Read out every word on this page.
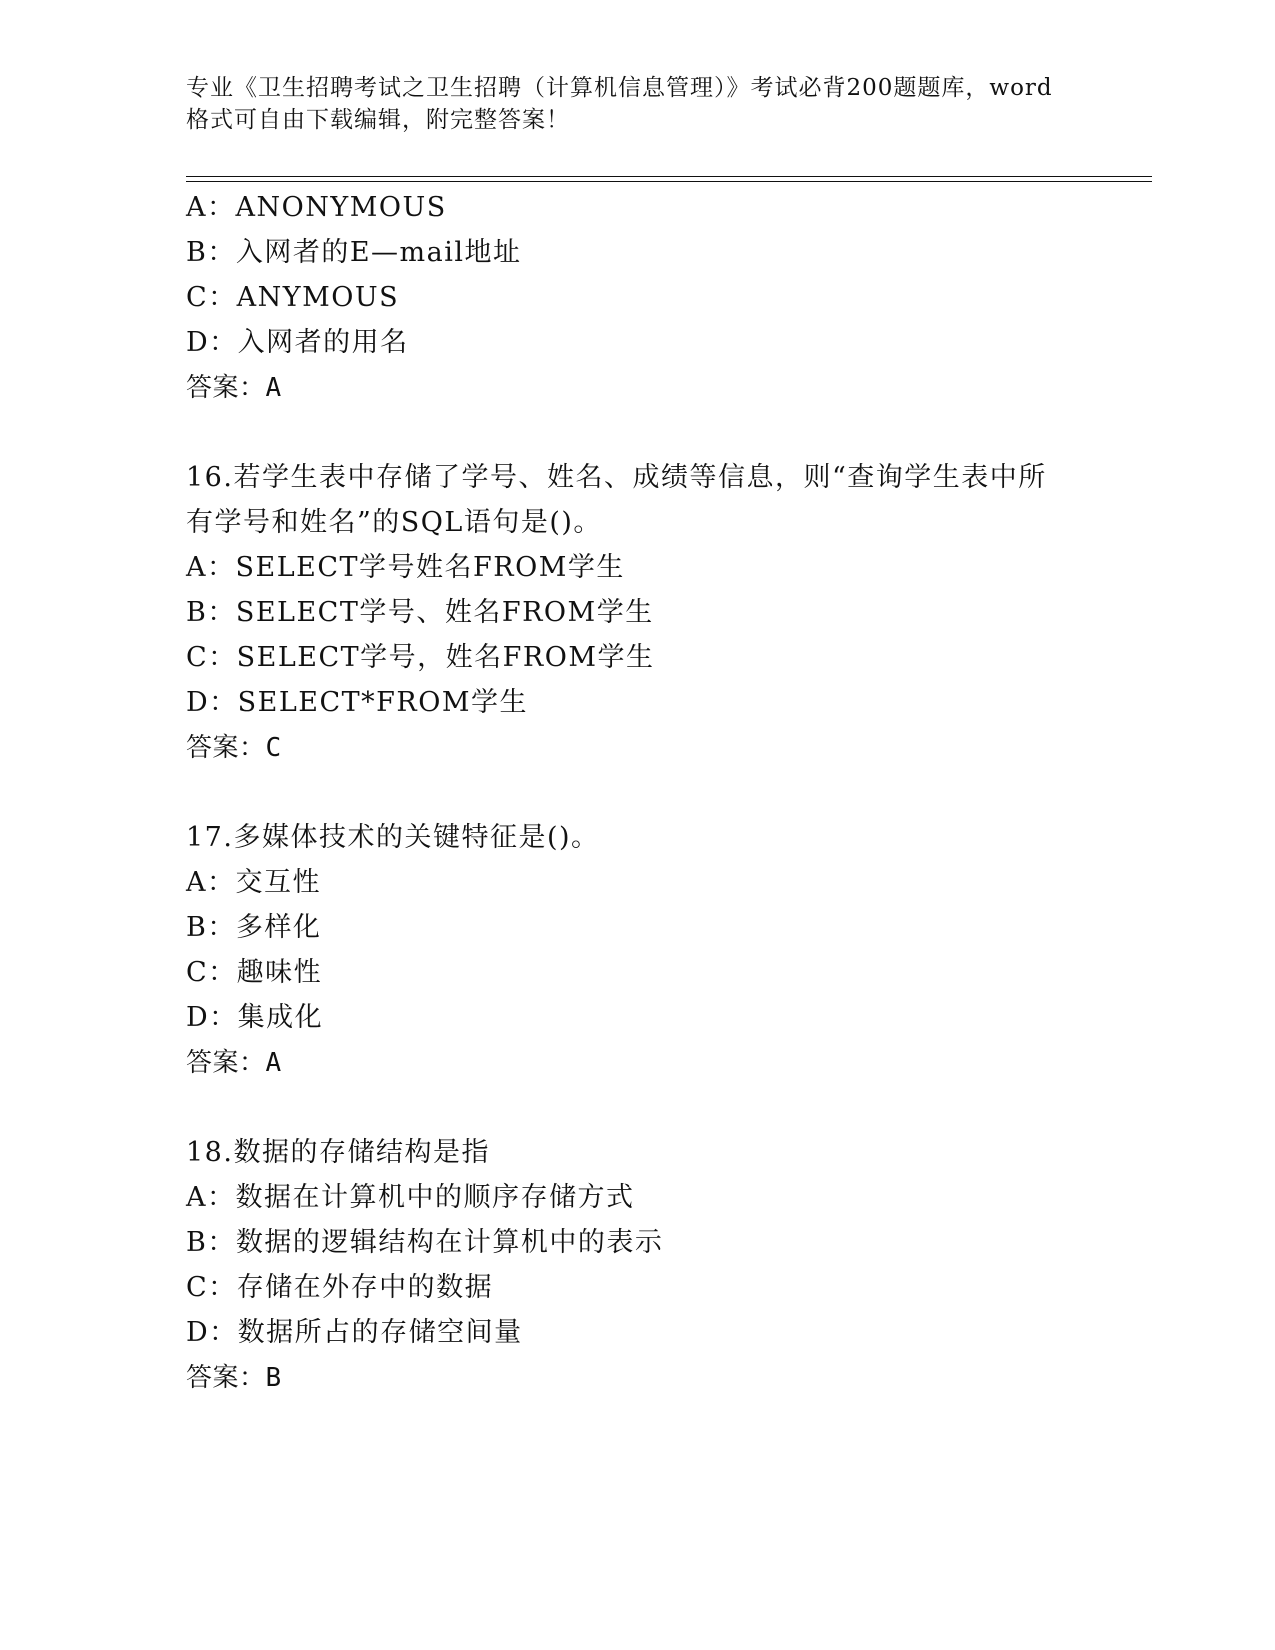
专业《卫生招聘考试之卫生招聘（计算机信息管理）》考试必背200题题库，word
格式可自由下载编辑，附完整答案！
A：ANONYMOUS
B：入网者的E—mail地址
C：ANYMOUS
D：入网者的用名
答案：A
16.若学生表中存储了学号、姓名、成绩等信息，则“查询学生表中所
有学号和姓名”的SQL语句是()。
A：SELECT学号姓名FROM学生
B：SELECT学号、姓名FROM学生
C：SELECT学号，姓名FROM学生
D：SELECT*FROM学生
答案：C
17.多媒体技术的关键特征是()。
A：交互性
B：多样化
C：趣味性
D：集成化
答案：A
18.数据的存储结构是指
A：数据在计算机中的顺序存储方式
B：数据的逻辑结构在计算机中的表示
C：存储在外存中的数据
D：数据所占的存储空间量
答案：B
